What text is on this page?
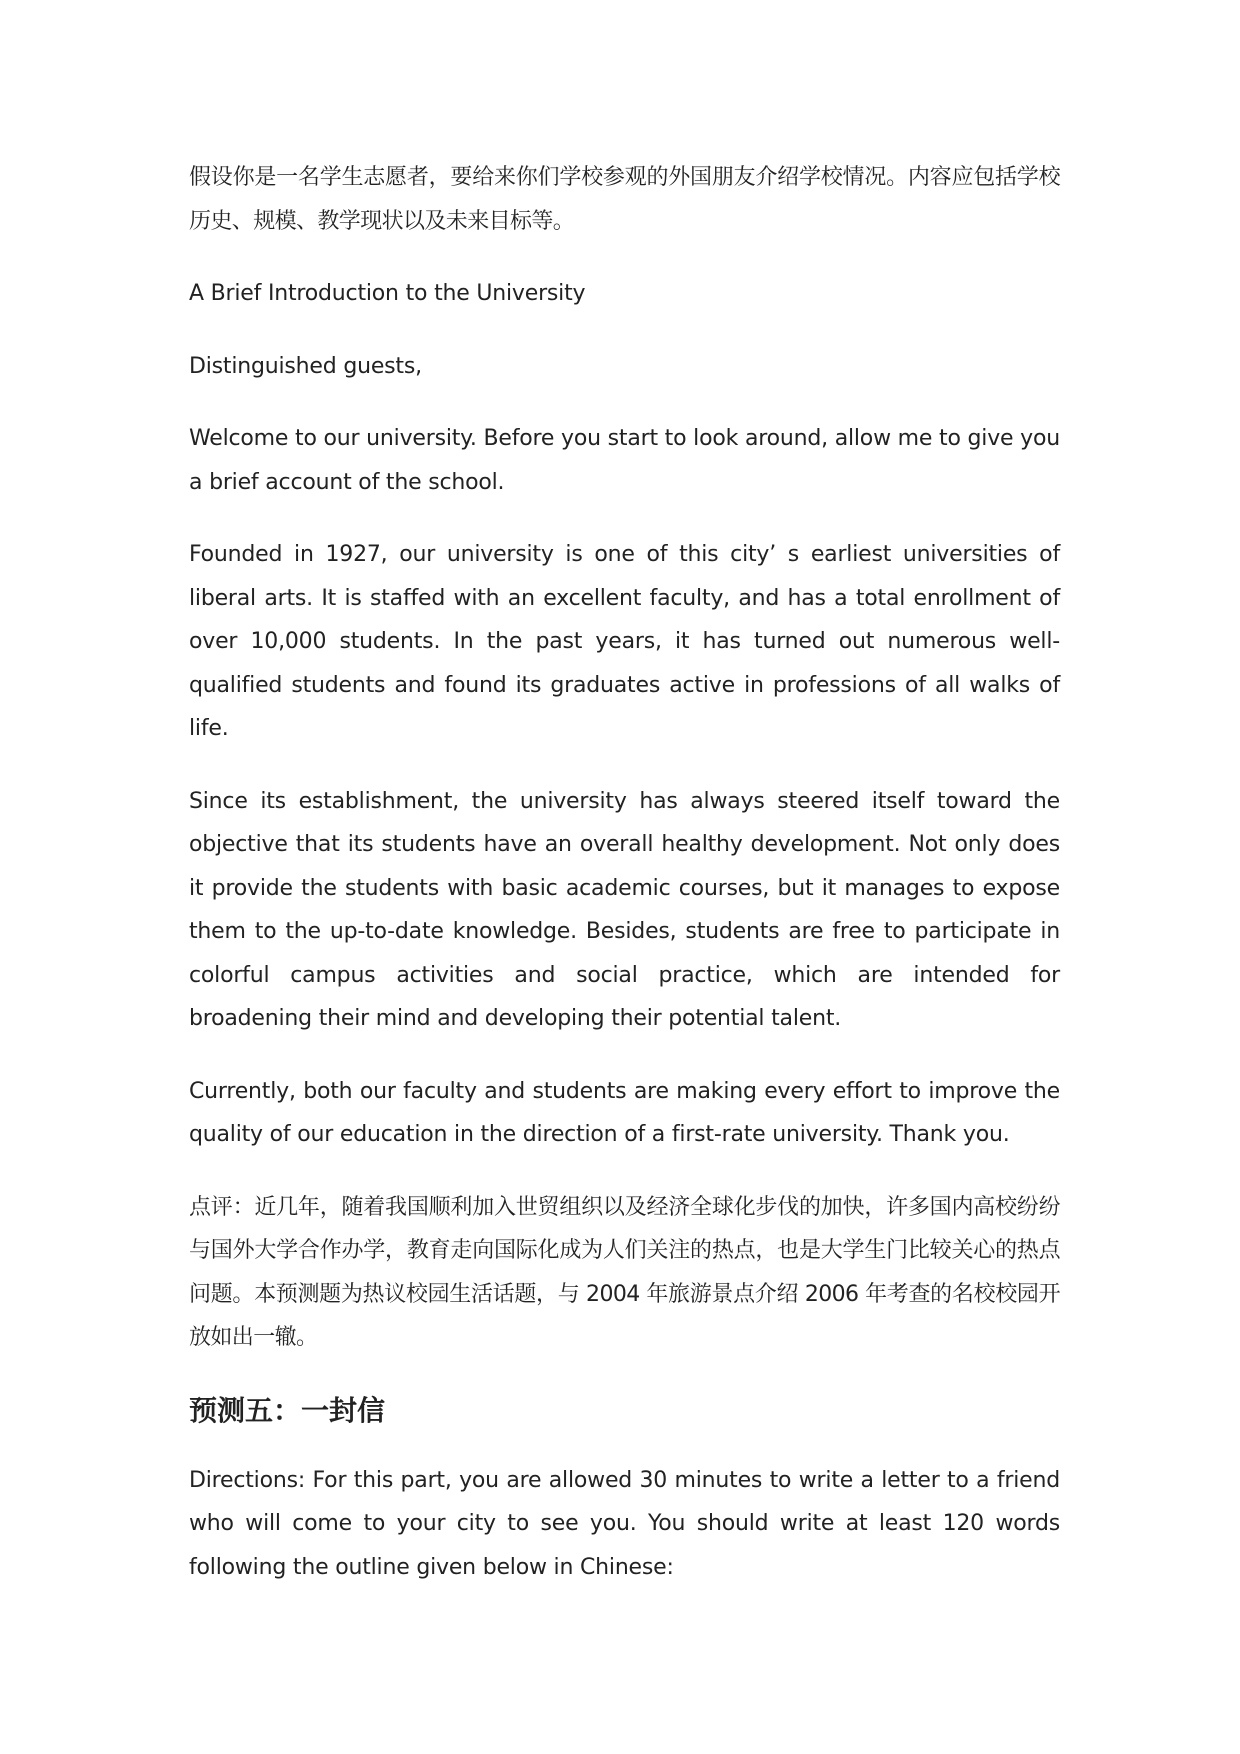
假设你是一名学生志愿者，要给来你们学校参观的外国朋友介绍学校情况。内容应包括学校历史、规模、教学现状以及未来目标等。

A Brief Introduction to the University

Distinguished guests,

Welcome to our university. Before you start to look around, allow me to give you a brief account of the school.

Founded in 1927, our university is one of this city’ s earliest universities of liberal arts. It is staffed with an excellent faculty, and has a total enrollment of over 10,000 students. In the past years, it has turned out numerous well-qualified students and found its graduates active in professions of all walks of life.

Since its establishment, the university has always steered itself toward the objective that its students have an overall healthy development. Not only does it provide the students with basic academic courses, but it manages to expose them to the up-to-date knowledge. Besides, students are free to participate in colorful campus activities and social practice, which are intended for broadening their mind and developing their potential talent.

Currently, both our faculty and students are making every effort to improve the quality of our education in the direction of a first-rate university. Thank you.

点评：近几年，随着我国顺利加入世贸组织以及经济全球化步伐的加快，许多国内高校纷纷与国外大学合作办学，教育走向国际化成为人们关注的热点，也是大学生门比较关心的热点问题。本预测题为热议校园生活话题，与 2004 年旅游景点介绍 2006 年考查的名校校园开放如出一辙。

预测五：一封信

Directions: For this part, you are allowed 30 minutes to write a letter to a friend who will come to your city to see you. You should write at least 120 words following the outline given below in Chinese:
